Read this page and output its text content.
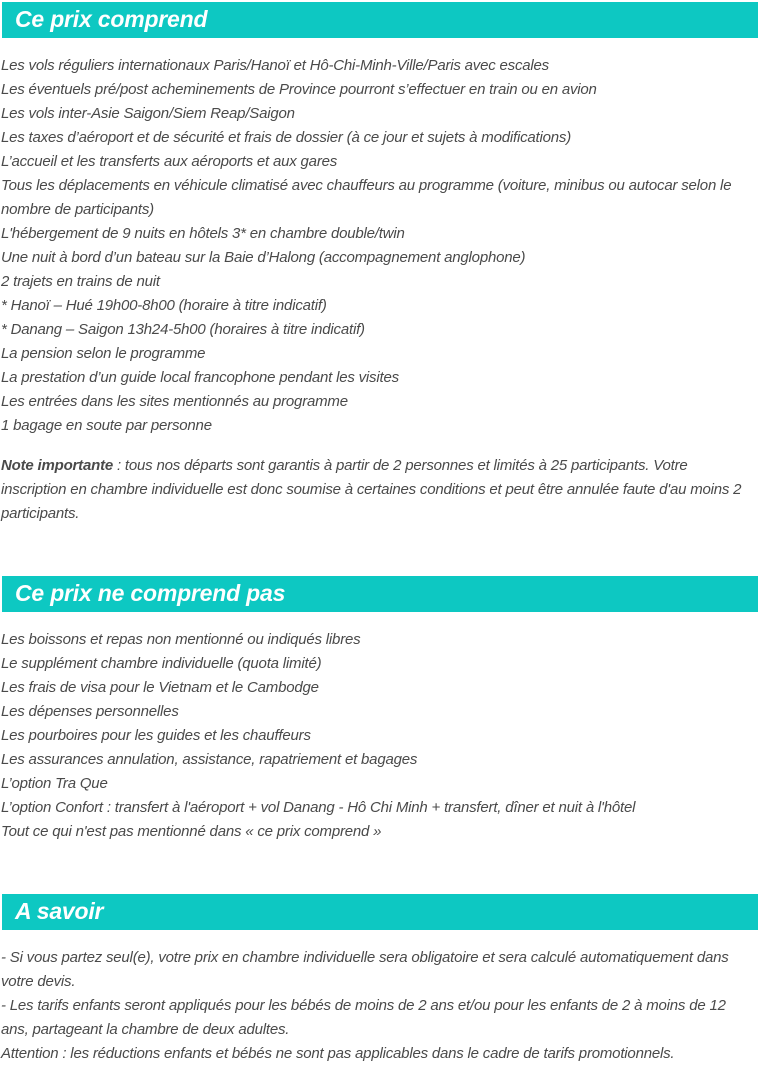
Ce prix comprend

Les vols réguliers internationaux Paris/Hanoï et Hô-Chi-Minh-Ville/Paris avec escales

Les éventuels pré/post acheminements de Province pourront s’effectuer en train ou en avion

Les vols inter-Asie Saigon/Siem Reap/Saigon

Les taxes d’aéroport et de sécurité et frais de dossier (à ce jour et sujets à modifications)

L’accueil et les transferts aux aéroports et aux gares

Tous les déplacements en véhicule climatisé avec chauffeurs au programme (voiture, minibus ou autocar selon le nombre de participants)

L'hébergement de 9 nuits en hôtels 3* en chambre double/twin

Une nuit à bord d’un bateau sur la Baie d’Halong (accompagnement anglophone)

2 trajets en trains de nuit

* Hanoï – Hué 19h00-8h00 (horaire à titre indicatif)

* Danang – Saigon 13h24-5h00 (horaires à titre indicatif)

La pension selon le programme

La prestation d’un guide local francophone pendant les visites

Les entrées dans les sites mentionnés au programme

1 bagage en soute par personne

Note importante : tous nos départs sont garantis à partir de 2 personnes et limités à 25 participants. Votre inscription en chambre individuelle est donc soumise à certaines conditions et peut être annulée faute d'au moins 2 participants.

Ce prix ne comprend pas

Les boissons et repas non mentionné ou indiqués libres

Le supplément chambre individuelle (quota limité)

Les frais de visa pour le Vietnam et le Cambodge

Les dépenses personnelles

Les pourboires pour les guides et les chauffeurs

Les assurances annulation, assistance, rapatriement et bagages

L’option Tra Que

L’option Confort : transfert à l'aéroport + vol Danang - Hô Chi Minh + transfert, dîner et nuit à l'hôtel

Tout ce qui n'est pas mentionné dans « ce prix comprend »

A savoir

- Si vous partez seul(e), votre prix en chambre individuelle sera obligatoire et sera calculé automatiquement dans votre devis.

- Les tarifs enfants seront appliqués pour les bébés de moins de 2 ans et/ou pour les enfants de 2 à moins de 12 ans, partageant la chambre de deux adultes.

Attention : les réductions enfants et bébés ne sont pas applicables dans le cadre de tarifs promotionnels.
